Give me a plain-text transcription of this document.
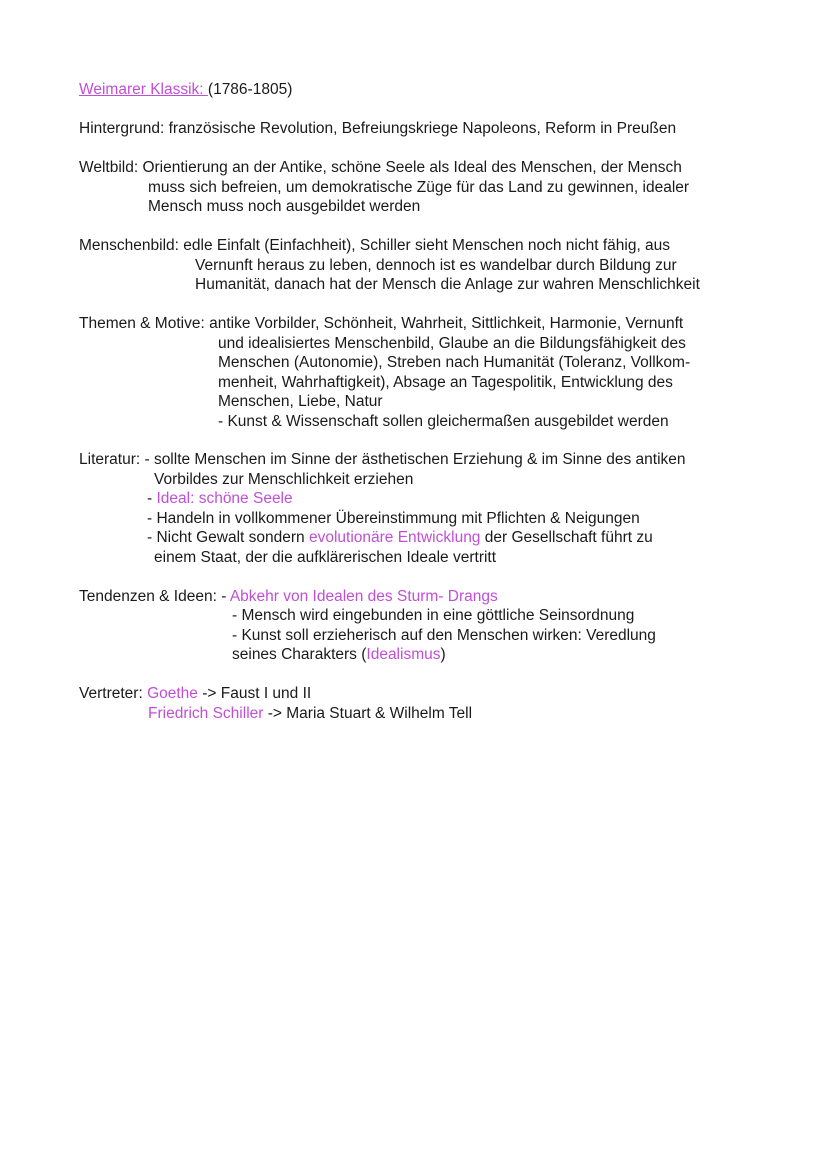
Weimarer Klassik: (1786-1805)
Hintergrund: französische Revolution, Befreiungskriege Napoleons, Reform in Preußen
Weltbild: Orientierung an der Antike, schöne Seele als Ideal des Menschen, der Mensch
muss sich befreien, um demokratische Züge für das Land zu gewinnen, idealer
Mensch muss noch ausgebildet werden
Menschenbild: edle Einfalt (Einfachheit), Schiller sieht Menschen noch nicht fähig, aus
Vernunft heraus zu leben, dennoch ist es wandelbar durch Bildung zur
Humanität, danach hat der Mensch die Anlage zur wahren Menschlichkeit
Themen & Motive: antike Vorbilder, Schönheit, Wahrheit, Sittlichkeit, Harmonie, Vernunft
und idealisiertes Menschenbild, Glaube an die Bildungsfähigkeit des
Menschen (Autonomie), Streben nach Humanität (Toleranz, Vollkom-
menheit, Wahrhaftigkeit), Absage an Tagespolitik, Entwicklung des
Menschen, Liebe, Natur
- Kunst & Wissenschaft sollen gleichermaßen ausgebildet werden
Literatur: - sollte Menschen im Sinne der ästhetischen Erziehung & im Sinne des antiken
Vorbildes zur Menschlichkeit erziehen
- Ideal: schöne Seele
- Handeln in vollkommener Übereinstimmung mit Pflichten & Neigungen
- Nicht Gewalt sondern evolutionäre Entwicklung der Gesellschaft führt zu
einem Staat, der die aufklärerischen Ideale vertritt
Tendenzen & Ideen: - Abkehr von Idealen des Sturm- Drangs
- Mensch wird eingebunden in eine göttliche Seinsordnung
- Kunst soll erzieherisch auf den Menschen wirken: Veredlung
seines Charakters (Idealismus)
Vertreter: Goethe -> Faust I und II
Friedrich Schiller -> Maria Stuart & Wilhelm Tell
